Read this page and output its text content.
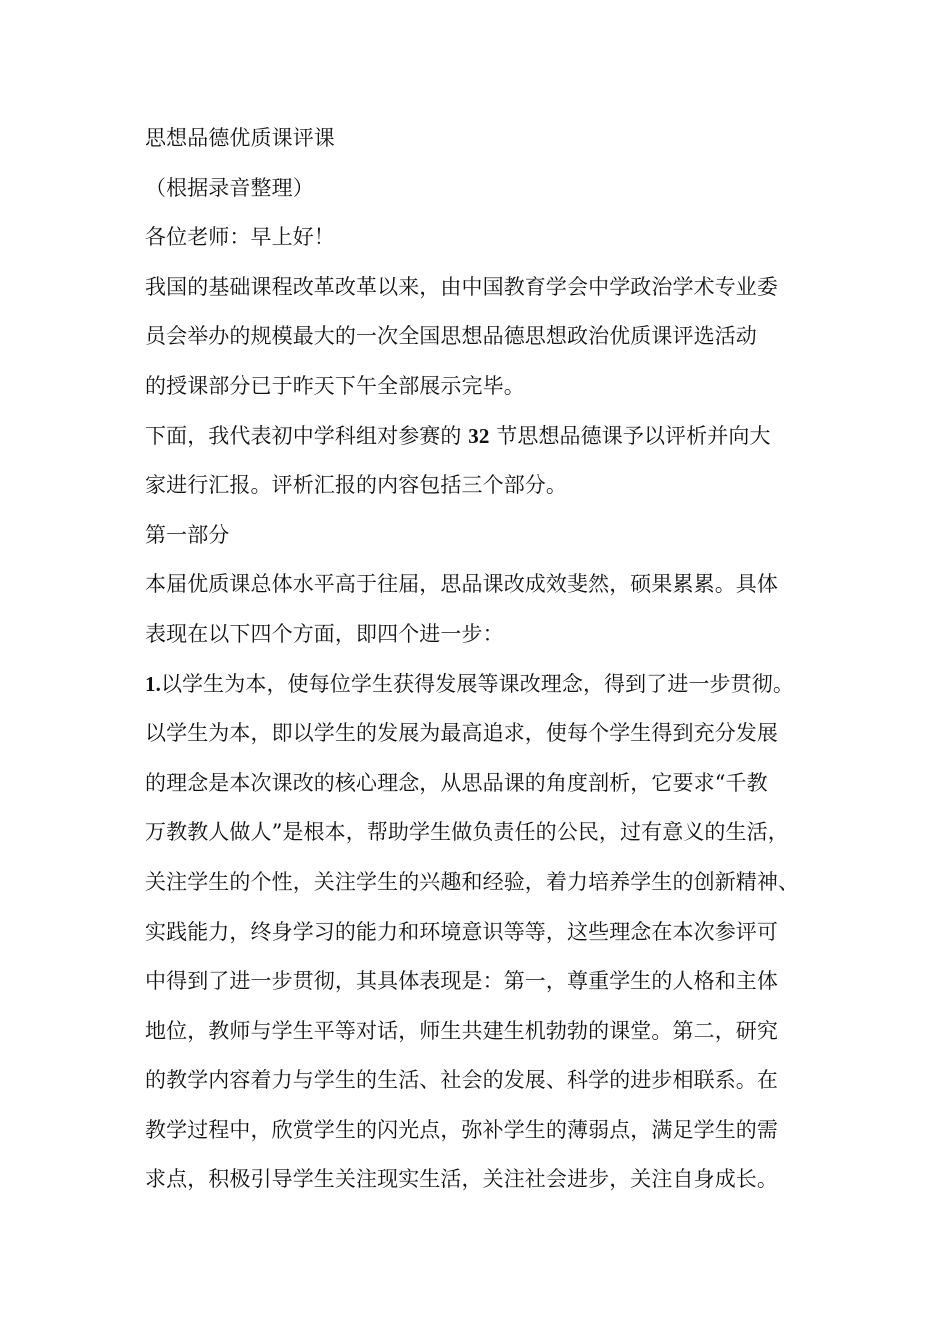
思想品德优质课评课
（根据录音整理）
各位老师：早上好！
我国的基础课程改革改革以来，由中国教育学会中学政治学术专业委
员会举办的规模最大的一次全国思想品德思想政治优质课评选活动
的授课部分已于昨天下午全部展示完毕。
下面，我代表初中学科组对参赛的 32 节思想品德课予以评析并向大
家进行汇报。评析汇报的内容包括三个部分。
第一部分
本届优质课总体水平高于往届，思品课改成效斐然，硕果累累。具体
表现在以下四个方面，即四个进一步：
1.以学生为本，使每位学生获得发展等课改理念，得到了进一步贯彻。
以学生为本，即以学生的发展为最高追求，使每个学生得到充分发展
的理念是本次课改的核心理念，从思品课的角度剖析，它要求“千教
万教教人做人”是根本，帮助学生做负责任的公民，过有意义的生活，
关注学生的个性，关注学生的兴趣和经验，着力培养学生的创新精神、
实践能力，终身学习的能力和环境意识等等，这些理念在本次参评可
中得到了进一步贯彻，其具体表现是：第一，尊重学生的人格和主体
地位，教师与学生平等对话，师生共建生机勃勃的课堂。第二，研究
的教学内容着力与学生的生活、社会的发展、科学的进步相联系。在
教学过程中，欣赏学生的闪光点，弥补学生的薄弱点，满足学生的需
求点，积极引导学生关注现实生活，关注社会进步，关注自身成长。
